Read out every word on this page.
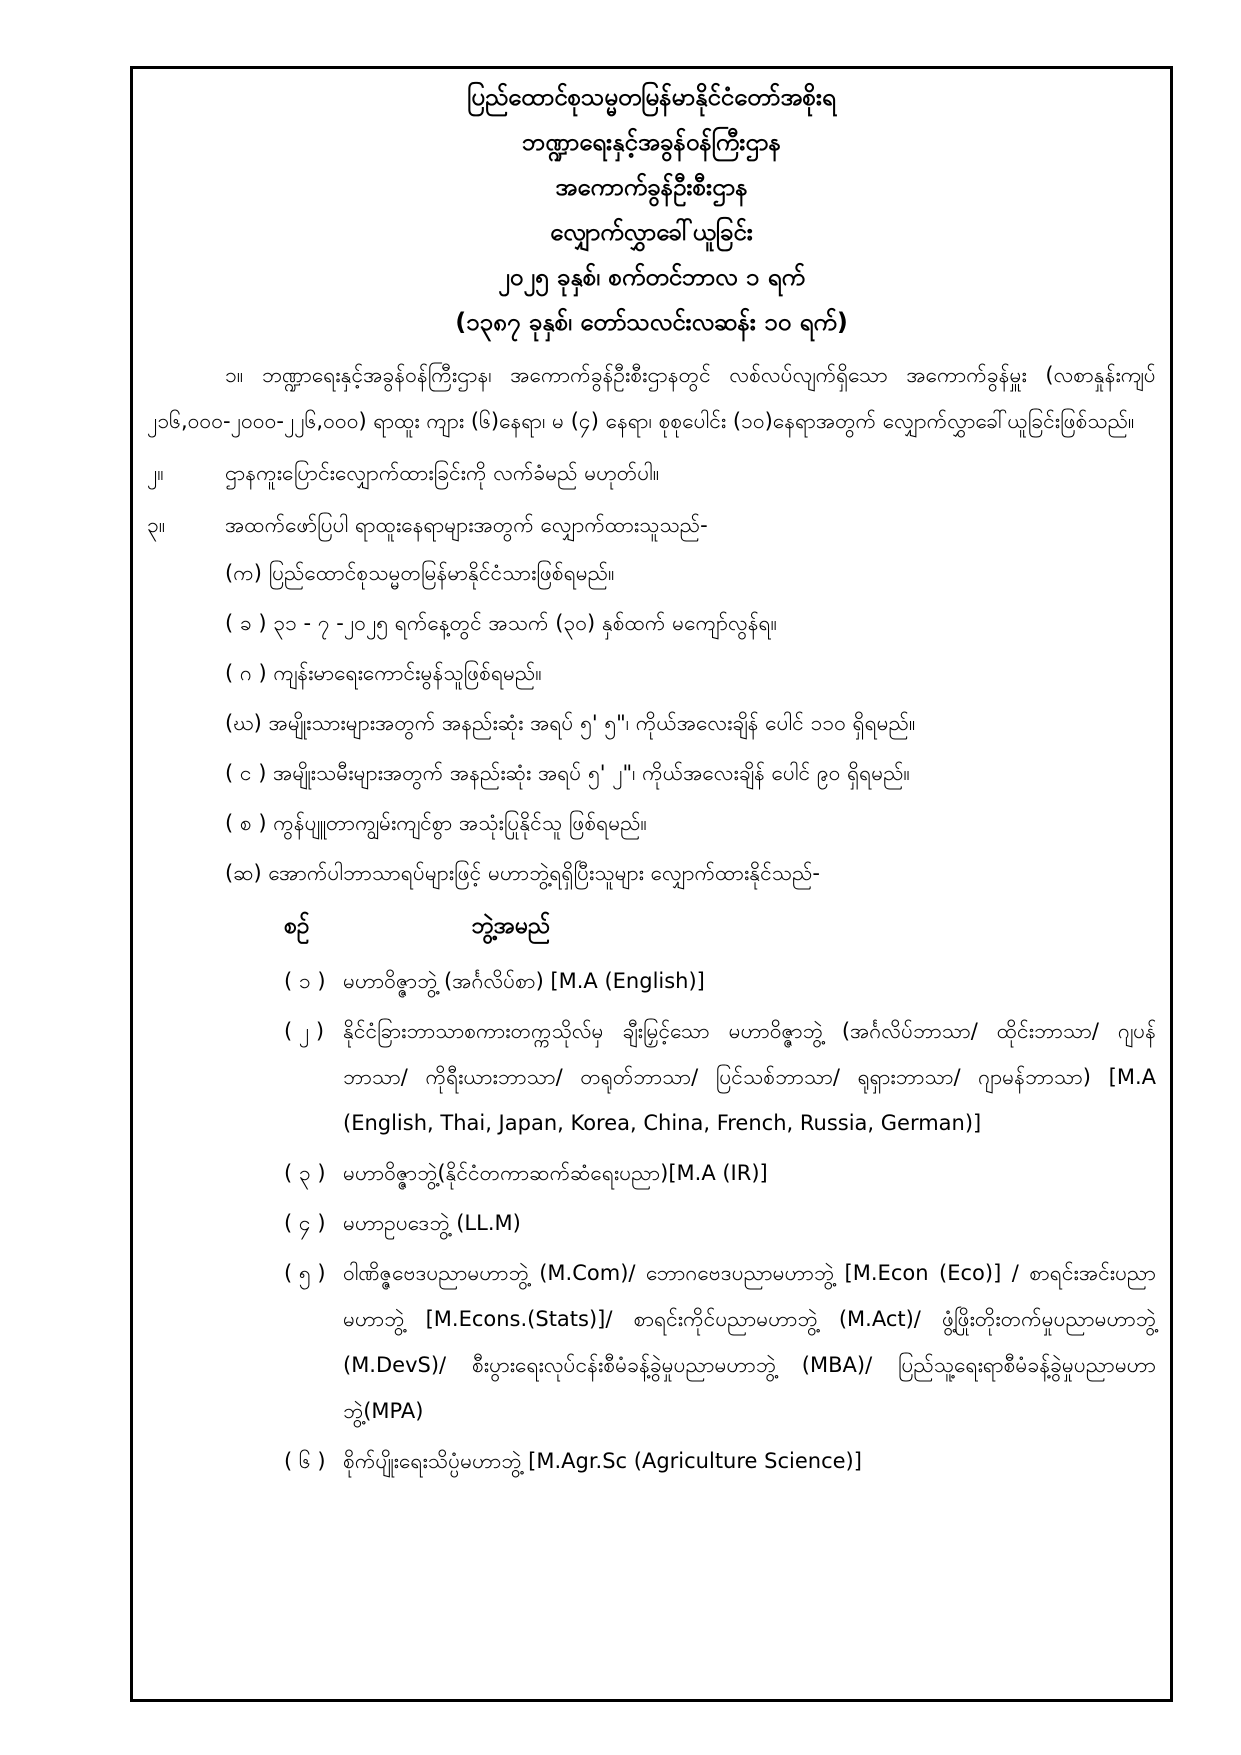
ပြည်ထောင်စုသမ္မတမြန်မာနိုင်ငံတော်အစိုးရ
ဘဏ္ဍာရေးနှင့်အခွန်ဝန်ကြီးဌာန
အကောက်ခွန်ဦးစီးဌာန
လျှောက်လွှာခေါ်ယူခြင်း
၂၀၂၅ ခုနှစ်၊ စက်တင်ဘာလ ၁ ရက်
(၁၃၈၇ ခုနှစ်၊ တော်သလင်းလဆန်း ၁၀ ရက်)
၁။ ဘဏ္ဍာရေးနှင့်အခွန်ဝန်ကြီးဌာန၊ အကောက်ခွန်ဦးစီးဌာနတွင် လစ်လပ်လျက်ရှိသော အကောက်ခွန်မှူး (လစာနှုန်းကျပ် ၂၁၆,၀၀၀-၂၀၀၀-၂၂၆,၀၀၀) ရာထူး ကျား (၆)နေရာ၊ မ (၄) နေရာ၊ စုစုပေါင်း (၁၀)နေရာအတွက် လျှောက်လွှာခေါ်ယူခြင်းဖြစ်သည်။
၂။	ဌာနကူးပြောင်းလျှောက်ထားခြင်းကို လက်ခံမည် မဟုတ်ပါ။
၃။	အထက်ဖော်ပြပါ ရာထူးနေရာများအတွက် လျှောက်ထားသူသည်-
(က) ပြည်ထောင်စုသမ္မတမြန်မာနိုင်ငံသားဖြစ်ရမည်။
( ခ ) ၃၁ - ၇ -၂၀၂၅ ရက်နေ့တွင် အသက် (၃၀) နှစ်ထက် မကျော်လွန်ရ။
( ဂ ) ကျန်းမာရေးကောင်းမွန်သူဖြစ်ရမည်။
(ဃ) အမျိုးသားများအတွက် အနည်းဆုံး အရပ် ၅' ၅"၊ ကိုယ်အလေးချိန် ပေါင် ၁၁၀ ရှိရမည်။
( င ) အမျိုးသမီးများအတွက် အနည်းဆုံး အရပ် ၅' ၂"၊ ကိုယ်အလေးချိန် ပေါင် ၉၀ ရှိရမည်။
( စ ) ကွန်ပျူတာကျွမ်းကျင်စွာ အသုံးပြုနိုင်သူ ဖြစ်ရမည်။
(ဆ) အောက်ပါဘာသာရပ်များဖြင့် မဟာဘွဲ့ရရှိပြီးသူများ လျှောက်ထားနိုင်သည်-
စဉ်	ဘွဲ့အမည်
( ၁ ) မဟာဝိဇ္ဇာဘွဲ့ (အင်္ဂလိပ်စာ) [M.A (English)]
( ၂ ) နိုင်ငံခြားဘာသာစကားတက္ကသိုလ်မှ ချီးမြှင့်သော မဟာဝိဇ္ဇာဘွဲ့ (အင်္ဂလိပ်ဘာသာ/ ထိုင်းဘာသာ/ ဂျပန်ဘာသာ/ ကိုရီးယားဘာသာ/ တရုတ်ဘာသာ/ ပြင်သစ်ဘာသာ/ ရုရှားဘာသာ/ ဂျာမန်ဘာသာ) [M.A (English, Thai, Japan, Korea, China, French, Russia, German)]
( ၃ ) မဟာဝိဇ္ဇာဘွဲ့(နိုင်ငံတကာဆက်ဆံရေးပညာ)[M.A (IR)]
( ၄ ) မဟာဥပဒေဘွဲ့ (LL.M)
( ၅ ) ဝါဏိဇ္ဇဗေဒပညာမဟာဘွဲ့ (M.Com)/ ဘောဂဗေဒပညာမဟာဘွဲ့ [M.Econ (Eco)] / စာရင်းအင်းပညာမဟာဘွဲ့ [M.Econs.(Stats)]/ စာရင်းကိုင်ပညာမဟာဘွဲ့ (M.Act)/ ဖွံ့ဖြိုးတိုးတက်မှုပညာမဟာဘွဲ့ (M.DevS)/ စီးပွားရေးလုပ်ငန်းစီမံခန့်ခွဲမှုပညာမဟာဘွဲ့ (MBA)/ ပြည်သူ့ရေးရာစီမံခန့်ခွဲမှုပညာမဟာဘွဲ့(MPA)
( ၆ ) စိုက်ပျိုးရေးသိပ္ပံမဟာဘွဲ့ [M.Agr.Sc (Agriculture Science)]
